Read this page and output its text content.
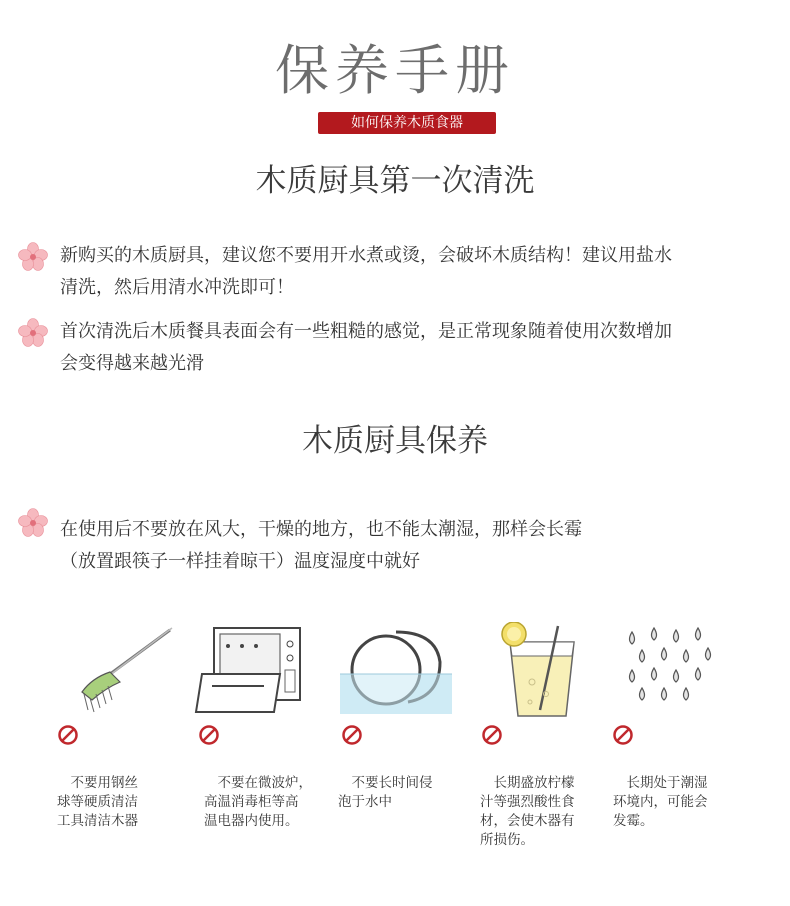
保养手册
如何保养木质食器
木质厨具第一次清洗
新购买的木质厨具，建议您不要用开水煮或烫，会破坏木质结构！建议用盐水
清洗，然后用清水冲洗即可！
首次清洗后木质餐具表面会有一些粗糙的感觉，是正常现象随着使用次数增加
会变得越来越光滑
木质厨具保养
在使用后不要放在风大，干燥的地方，也不能太潮湿，那样会长霉
（放置跟筷子一样挂着晾干）温度湿度中就好
　不要用钢丝
球等硬质清洁
工具清洁木器
　不要在微波炉，
高温消毒柜等高
温电器内使用。
　不要长时间侵
泡于水中
　长期盛放柠檬
汁等强烈酸性食
材，会使木器有
所损伤。
　长期处于潮湿
环境内，可能会
发霉。
